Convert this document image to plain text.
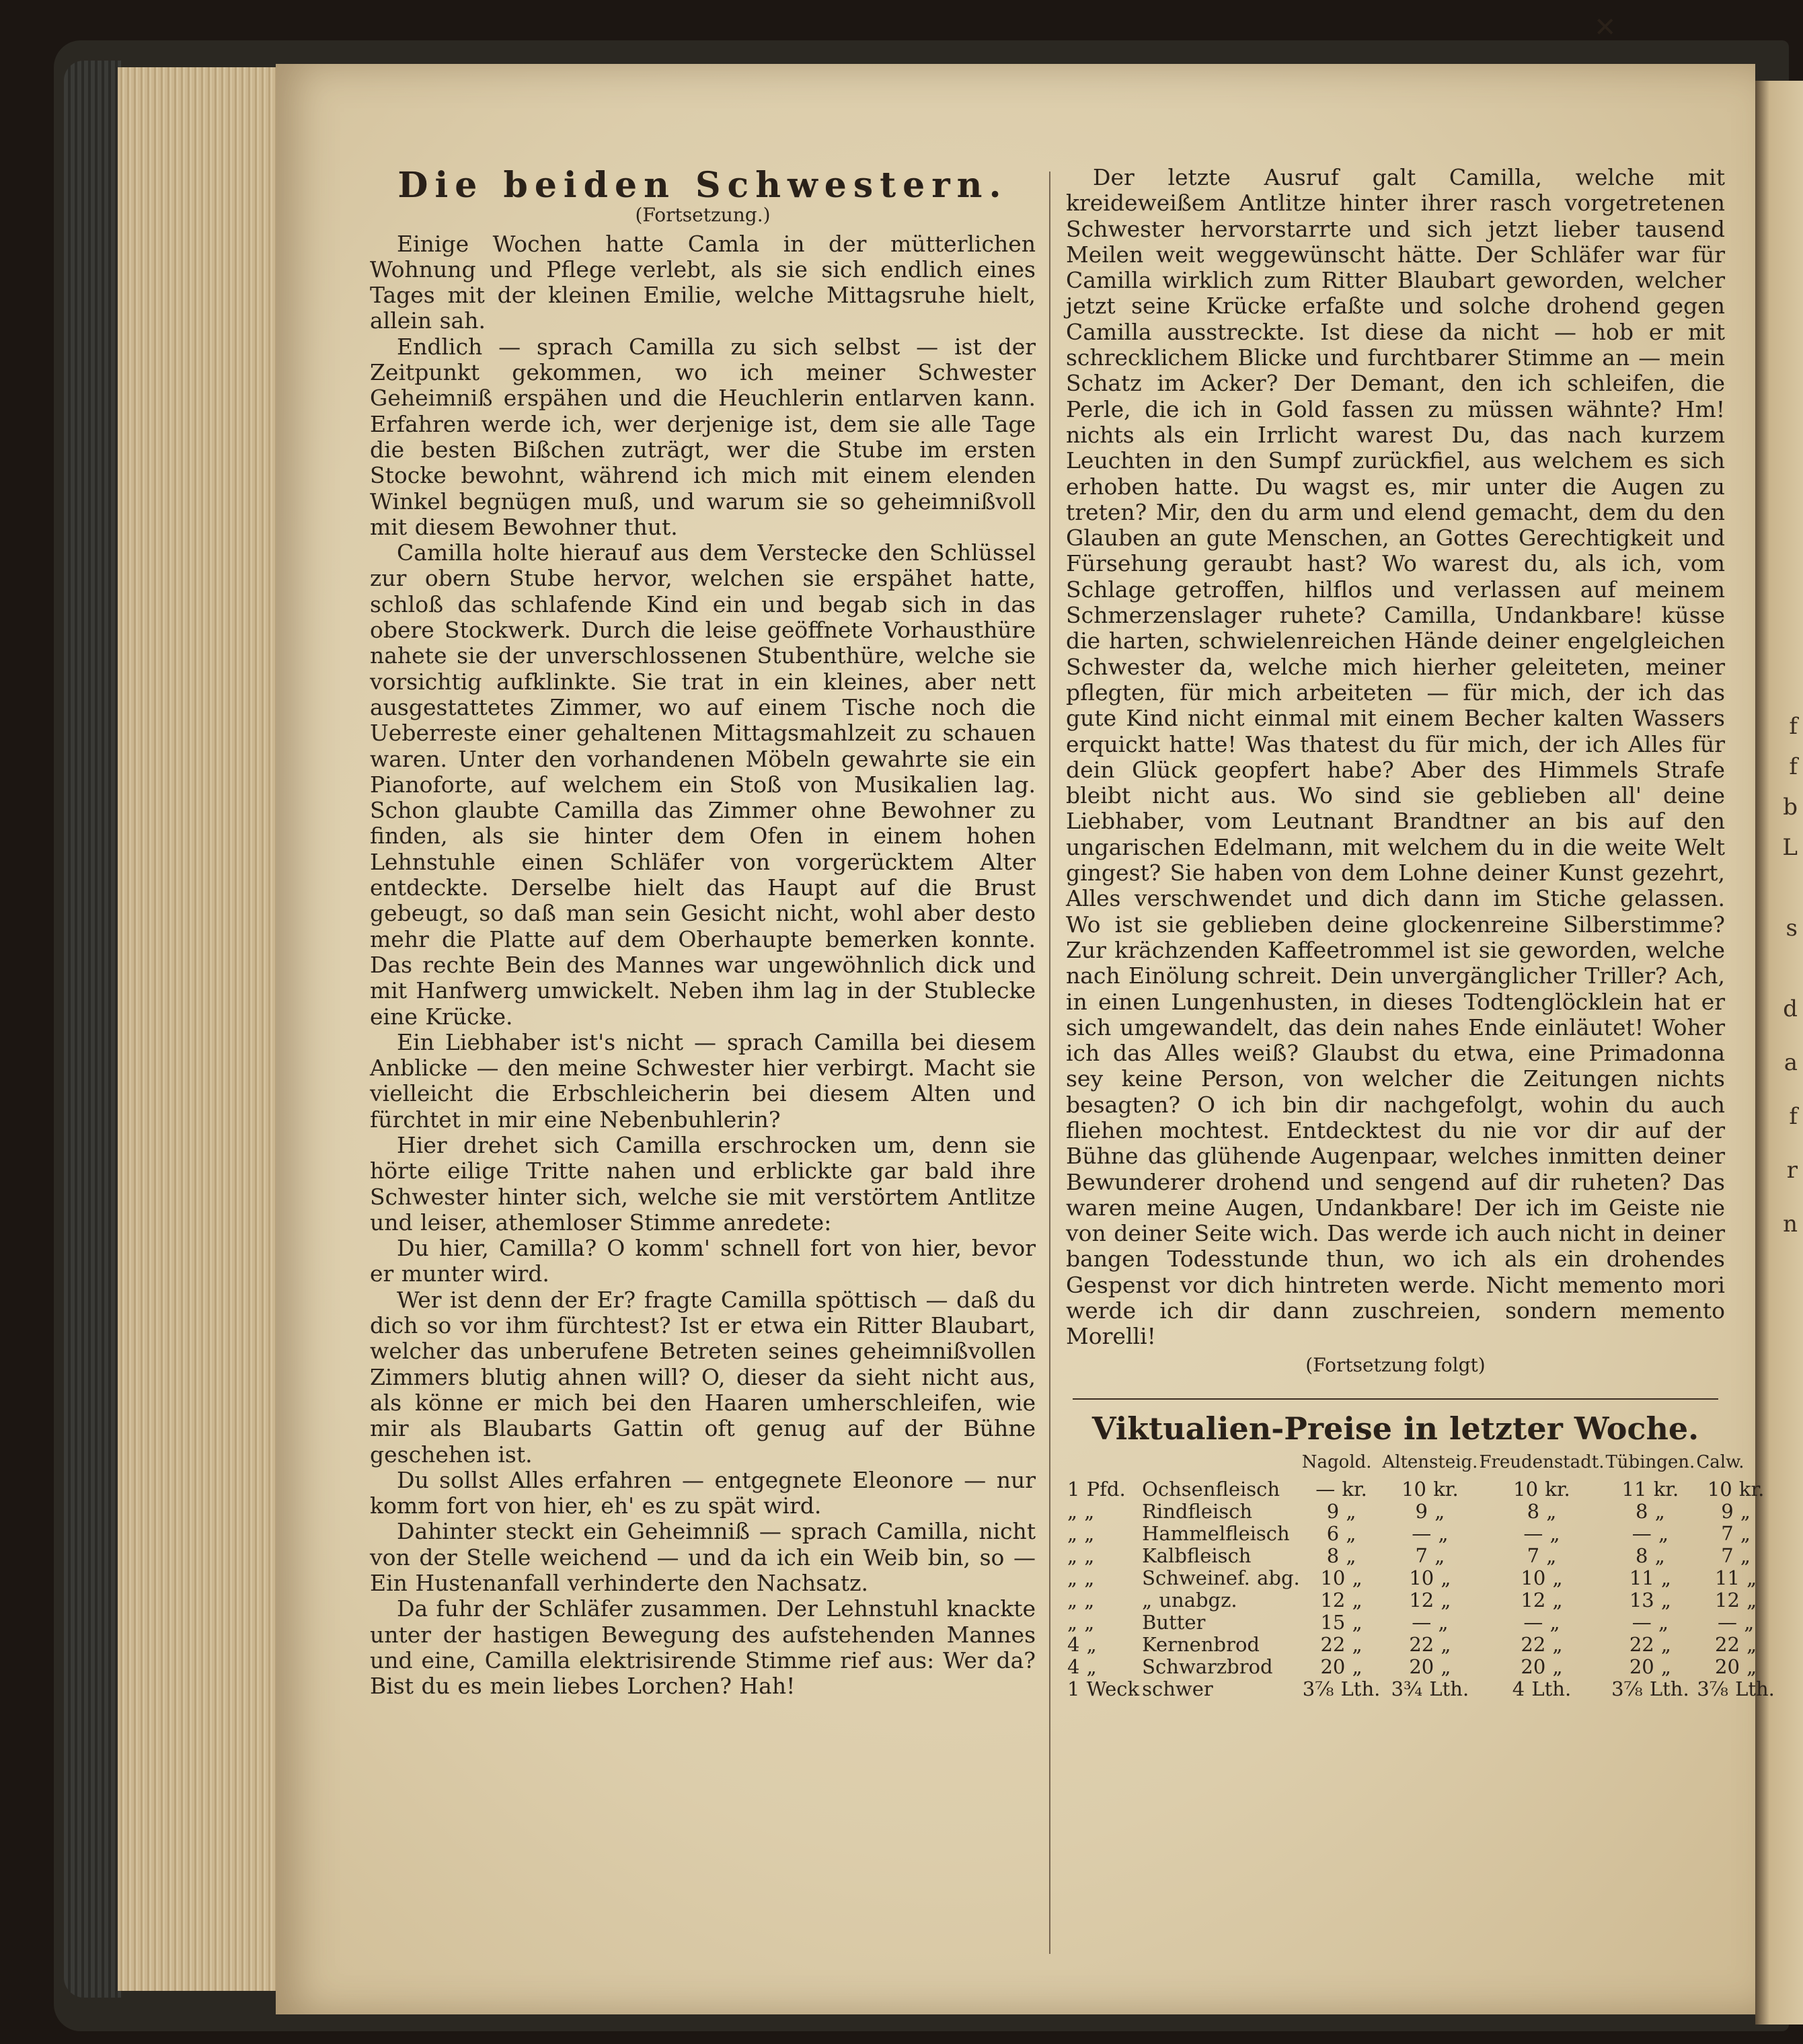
f
f
b
L
s
d
a
f
r
n
✕
Die beiden Schwestern.
(Fortsetzung.)

Einige Wochen hatte Camla in der mütterlichen Wohnung und Pflege verlebt, als sie sich endlich eines Tages mit der kleinen Emilie, welche Mittagsruhe hielt, allein sah.

Endlich — sprach Camilla zu sich selbst — ist der Zeitpunkt gekommen, wo ich meiner Schwester Geheimniß erspähen und die Heuchlerin entlarven kann. Erfahren werde ich, wer derjenige ist, dem sie alle Tage die besten Bißchen zuträgt, wer die Stube im ersten Stocke bewohnt, während ich mich mit einem elenden Winkel begnügen muß, und warum sie so geheimnißvoll mit diesem Bewohner thut.

Camilla holte hierauf aus dem Verstecke den Schlüssel zur obern Stube hervor, welchen sie erspähet hatte, schloß das schlafende Kind ein und begab sich in das obere Stockwerk. Durch die leise geöffnete Vorhausthüre nahete sie der unverschlossenen Stubenthüre, welche sie vorsichtig aufklinkte. Sie trat in ein kleines, aber nett ausgestattetes Zimmer, wo auf einem Tische noch die Ueberreste einer gehaltenen Mittagsmahlzeit zu schauen waren. Unter den vorhandenen Möbeln gewahrte sie ein Pianoforte, auf welchem ein Stoß von Musikalien lag. Schon glaubte Camilla das Zimmer ohne Bewohner zu finden, als sie hinter dem Ofen in einem hohen Lehnstuhle einen Schläfer von vorgerücktem Alter entdeckte. Derselbe hielt das Haupt auf die Brust gebeugt, so daß man sein Gesicht nicht, wohl aber desto mehr die Platte auf dem Oberhaupte bemerken konnte. Das rechte Bein des Mannes war ungewöhnlich dick und mit Hanfwerg umwickelt. Neben ihm lag in der Stubleckе eine Krücke.

Ein Liebhaber ist's nicht — sprach Camilla bei diesem Anblicke — den meine Schwester hier verbirgt. Macht sie vielleicht die Erbschleicherin bei diesem Alten und fürchtet in mir eine Nebenbuhlerin?

Hier drehet sich Camilla erschrocken um, denn sie hörte eilige Tritte nahen und erblickte gar bald ihre Schwester hinter sich, welche sie mit verstörtem Antlitze und leiser, athemloser Stimme anredete:

Du hier, Camilla? O komm' schnell fort von hier, bevor er munter wird.

Wer ist denn der Er? fragte Camilla spöttisch — daß du dich so vor ihm fürchtest? Ist er etwa ein Ritter Blaubart, welcher das unberufene Betreten seines geheimnißvollen Zimmers blutig ahnen will? O, dieser da sieht nicht aus, als könne er mich bei den Haaren umherschleifen, wie mir als Blaubarts Gattin oft genug auf der Bühne geschehen ist.

Du sollst Alles erfahren — entgegnete Eleonore — nur komm fort von hier, eh' es zu spät wird.

Dahinter steckt ein Geheimniß — sprach Camilla, nicht von der Stelle weichend — und da ich ein Weib bin, so — Ein Hustenanfall verhinderte den Nachsatz.

Da fuhr der Schläfer zusammen. Der Lehnstuhl knackte unter der hastigen Bewegung des aufstehenden Mannes und eine, Camilla elektrisirende Stimme rief aus: Wer da? Bist du es mein liebes Lorchen? Hah!

Der letzte Ausruf galt Camilla, welche mit kreideweißem Antlitze hinter ihrer rasch vorgetretenen Schwester hervorstarrte und sich jetzt lieber tausend Meilen weit weggewünscht hätte. Der Schläfer war für Camilla wirklich zum Ritter Blaubart geworden, welcher jetzt seine Krücke erfaßte und solche drohend gegen Camilla ausstreckte. Ist diese da nicht — hob er mit schrecklichem Blicke und furchtbarer Stimme an — mein Schatz im Acker? Der Demant, den ich schleifen, die Perle, die ich in Gold fassen zu müssen wähnte? Hm! nichts als ein Irrlicht warest Du, das nach kurzem Leuchten in den Sumpf zurückfiel, aus welchem es sich erhoben hatte. Du wagst es, mir unter die Augen zu treten? Mir, den du arm und elend gemacht, dem du den Glauben an gute Menschen, an Gottes Gerechtigkeit und Fürsehung geraubt hast? Wo warest du, als ich, vom Schlage getroffen, hilflos und verlassen auf meinem Schmerzenslager ruhete? Camilla, Undankbare! küsse die harten, schwielenreichen Hände deiner engelgleichen Schwester da, welche mich hierher geleiteten, meiner pflegten, für mich arbeiteten — für mich, der ich das gute Kind nicht einmal mit einem Becher kalten Wassers erquickt hatte! Was thatest du für mich, der ich Alles für dein Glück geopfert habe? Aber des Himmels Strafe bleibt nicht aus. Wo sind sie geblieben all' deine Liebhaber, vom Leutnant Brandtner an bis auf den ungarischen Edelmann, mit welchem du in die weite Welt gingest? Sie haben von dem Lohne deiner Kunst gezehrt, Alles verschwendet und dich dann im Stiche gelassen. Wo ist sie geblieben deine glockenreine Silberstimme? Zur krächzenden Kaffeetrommel ist sie geworden, welche nach Einölung schreit. Dein unvergänglicher Triller? Ach, in einen Lungenhusten, in dieses Todtenglöcklein hat er sich umgewandelt, das dein nahes Ende einläutet! Woher ich das Alles weiß? Glaubst du etwa, eine Primadonna sey keine Person, von welcher die Zeitungen nichts besagten? O ich bin dir nachgefolgt, wohin du auch fliehen mochtest. Entdecktest du nie vor dir auf der Bühne das glühende Augenpaar, welches inmitten deiner Bewunderer drohend und sengend auf dir ruheten? Das waren meine Augen, Undankbare! Der ich im Geiste nie von deiner Seite wich. Das werde ich auch nicht in deiner bangen Todesstunde thun, wo ich als ein drohendes Gespenst vor dich hintreten werde. Nicht memento mori werde ich dir dann zuschreien, sondern memento Morelli!

(Fortsetzung folgt)
Viktualien-Preise in letzter Woche.
		Nagold.	Altensteig.	Freudenstadt.	Tübingen.	Calw.
1 Pfd.	Ochsenfleisch	— kr.	10 kr.	10 kr.	11 kr.	10 kr.
„ „	Rindfleisch	9 „	9 „	8 „	8 „	9 „
„ „	Hammelfleisch	6 „	— „	— „	— „	7 „
„ „	Kalbfleisch	8 „	7 „	7 „	8 „	7 „
„ „	Schweinef. abg.	10 „	10 „	10 „	11 „	11 „
„ „	„ unabgz.	12 „	12 „	12 „	13 „	12 „
„ „	Butter	15 „	— „	— „	— „	— „
4 „	Kernenbrod	22 „	22 „	22 „	22 „	22 „
4 „	Schwarzbrod	20 „	20 „	20 „	20 „	20 „
1 Weck	schwer	3⅞ Lth.	3¾ Lth.	4 Lth.	3⅞ Lth.	3⅞ Lth.
